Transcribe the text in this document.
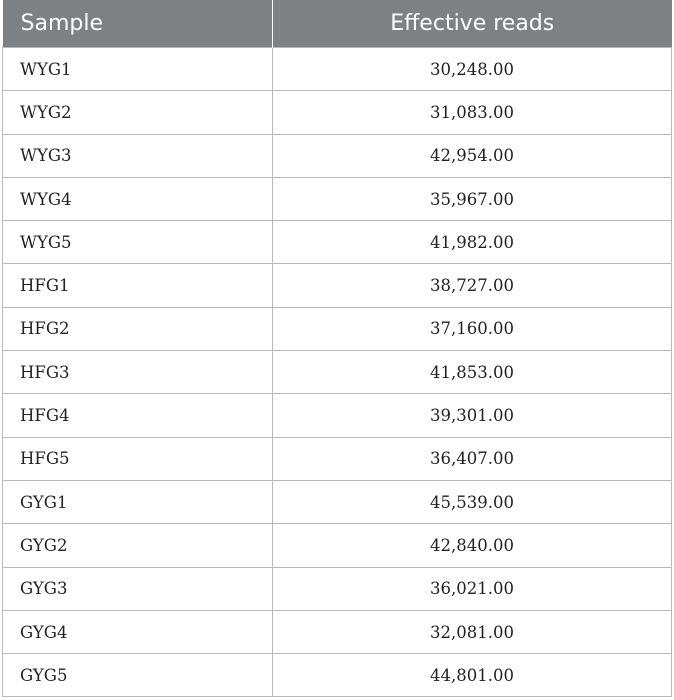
Sample	Effective reads
WYG1	30,248.00
WYG2	31,083.00
WYG3	42,954.00
WYG4	35,967.00
WYG5	41,982.00
HFG1	38,727.00
HFG2	37,160.00
HFG3	41,853.00
HFG4	39,301.00
HFG5	36,407.00
GYG1	45,539.00
GYG2	42,840.00
GYG3	36,021.00
GYG4	32,081.00
GYG5	44,801.00
